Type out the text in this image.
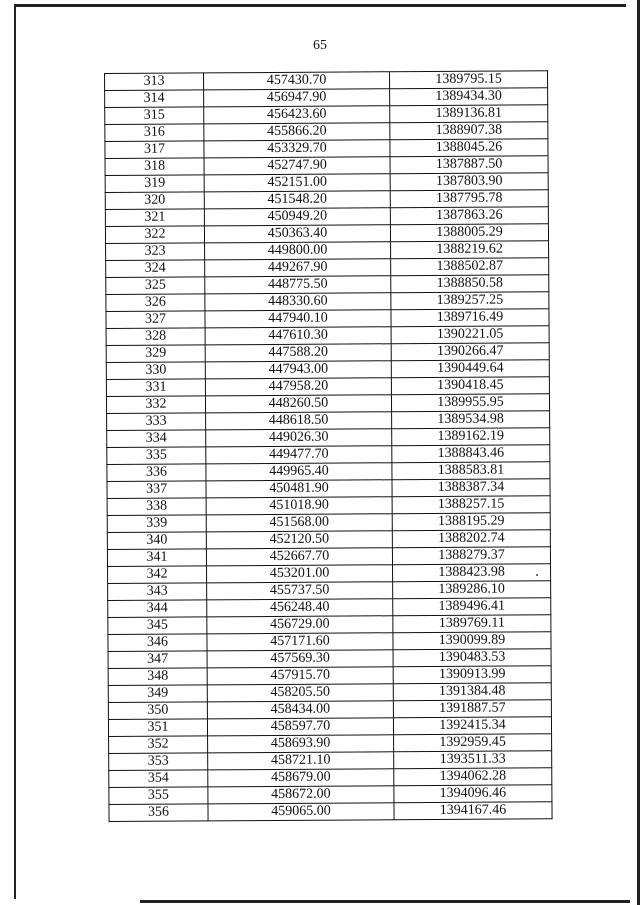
65
313	457430.70	1389795.15
314	456947.90	1389434.30
315	456423.60	1389136.81
316	455866.20	1388907.38
317	453329.70	1388045.26
318	452747.90	1387887.50
319	452151.00	1387803.90
320	451548.20	1387795.78
321	450949.20	1387863.26
322	450363.40	1388005.29
323	449800.00	1388219.62
324	449267.90	1388502.87
325	448775.50	1388850.58
326	448330.60	1389257.25
327	447940.10	1389716.49
328	447610.30	1390221.05
329	447588.20	1390266.47
330	447943.00	1390449.64
331	447958.20	1390418.45
332	448260.50	1389955.95
333	448618.50	1389534.98
334	449026.30	1389162.19
335	449477.70	1388843.46
336	449965.40	1388583.81
337	450481.90	1388387.34
338	451018.90	1388257.15
339	451568.00	1388195.29
340	452120.50	1388202.74
341	452667.70	1388279.37
342	453201.00	1388423.98
343	455737.50	1389286.10
344	456248.40	1389496.41
345	456729.00	1389769.11
346	457171.60	1390099.89
347	457569.30	1390483.53
348	457915.70	1390913.99
349	458205.50	1391384.48
350	458434.00	1391887.57
351	458597.70	1392415.34
352	458693.90	1392959.45
353	458721.10	1393511.33
354	458679.00	1394062.28
355	458672.00	1394096.46
356	459065.00	1394167.46
